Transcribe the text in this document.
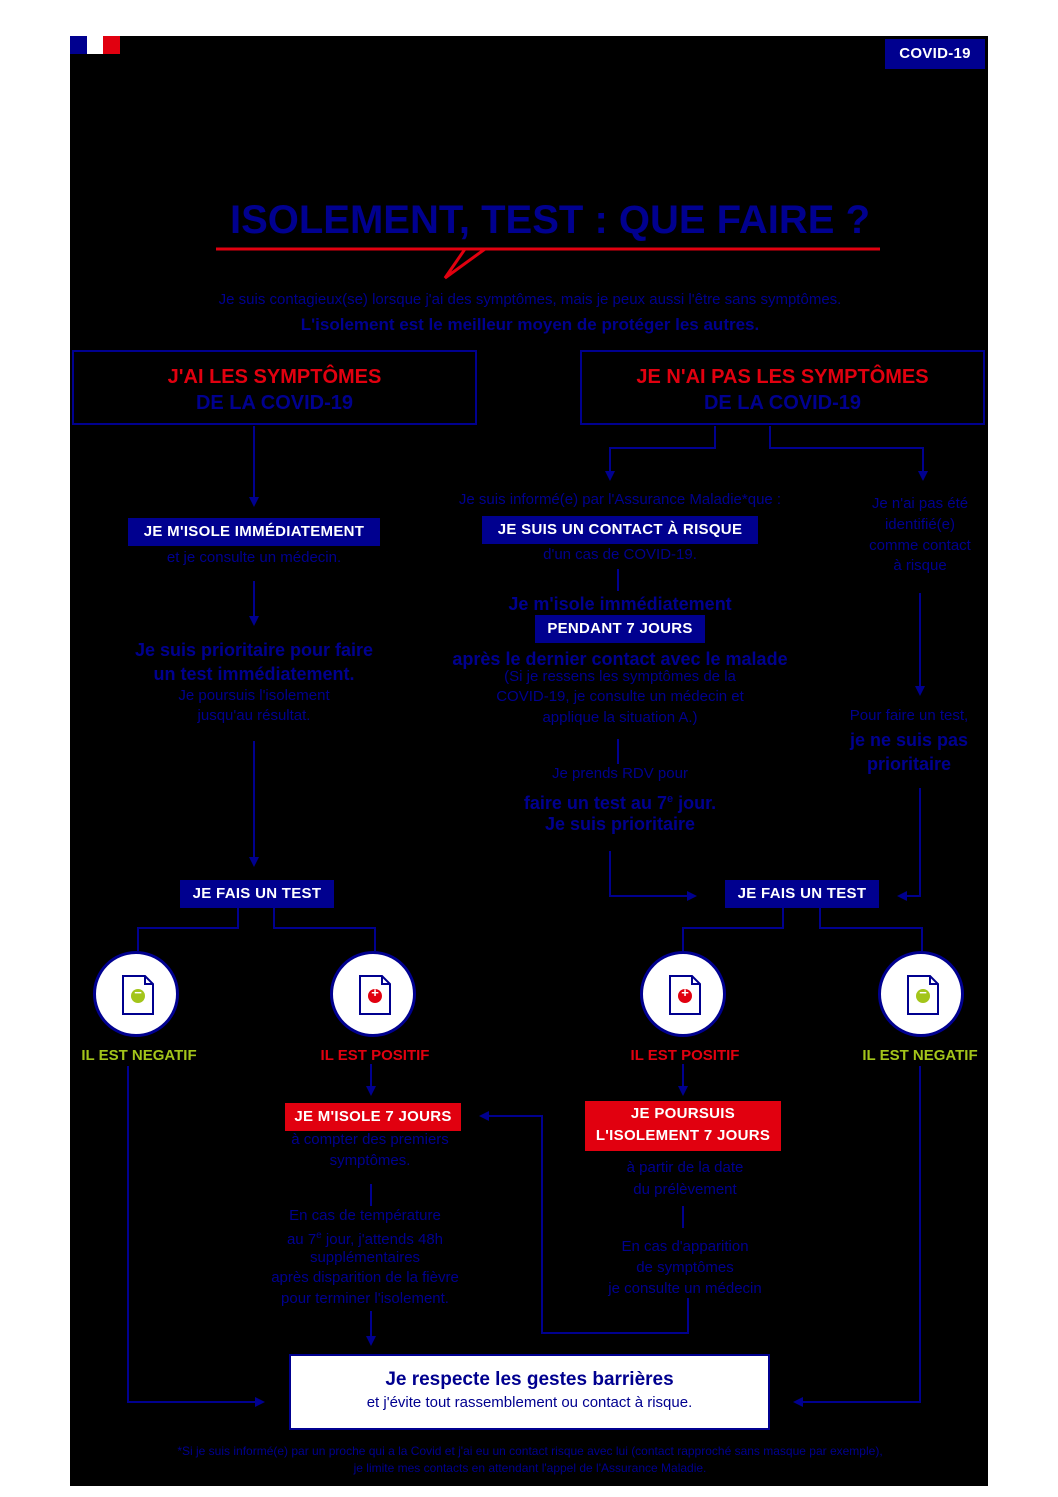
COVID-19
ISOLEMENT, TEST : QUE FAIRE ?
Je suis contagieux(se) lorsque j'ai des symptômes, mais je peux aussi l'être sans symptômes.
L'isolement est le meilleur moyen de protéger les autres.
J'AI LES SYMPTÔMES
DE LA COVID-19
JE N'AI PAS LES SYMPTÔMES
DE LA COVID-19
JE M'ISOLE IMMÉDIATEMENT
et je consulte un médecin.
Je suis prioritaire pour faire
un test immédiatement.
Je poursuis l'isolement
jusqu'au résultat.
Je suis informé(e) par l'Assurance Maladie*que :
JE SUIS UN CONTACT À RISQUE
d'un cas de COVID-19.
Je m'isole immédiatement
PENDANT 7 JOURS
après le dernier contact avec le malade
(Si je ressens les symptômes de la
COVID-19, je consulte un médecin et
applique la situation A.)
Je prends RDV pour
faire un test au 7e jour.
Je suis prioritaire
Je n'ai pas été
identifié(e)
comme contact
à risque
Pour faire un test,
je ne suis pas
prioritaire
JE FAIS UN TEST	JE FAIS UN TEST
−	+	+	−
IL EST NEGATIF	IL EST POSITIF	IL EST POSITIF	IL EST NEGATIF
JE M'ISOLE 7 JOURS
à compter des premiers
symptômes.
En cas de température
au 7e jour, j'attends 48h
supplémentaires
après disparition de la fièvre
pour terminer l'isolement.
JE POURSUIS
L'ISOLEMENT 7 JOURS
à partir de la date
du prélèvement
En cas d'apparition
de symptômes
je consulte un médecin
Je respecte les gestes barrières
et j'évite tout rassemblement ou contact à risque.
*Si je suis informé(e) par un proche qui a la Covid et j'ai eu un contact risque avec lui (contact rapproché sans masque par exemple),
je limite mes contacts en attendant l'appel de l'Assurance Maladie.
